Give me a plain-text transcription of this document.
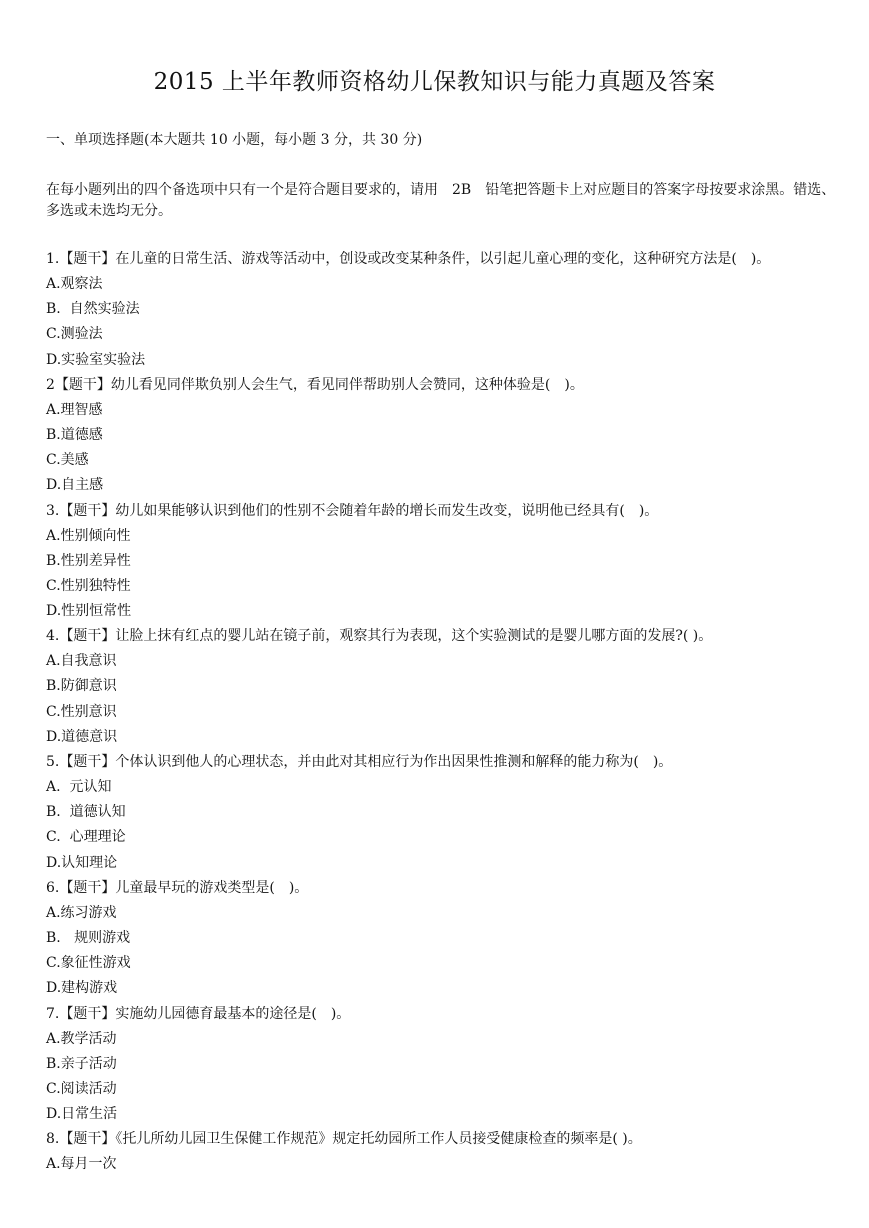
2015 上半年教师资格幼儿保教知识与能力真题及答案
一、单项选择题(本大题共 10 小题，每小题 3 分，共 30 分)
在每小题列出的四个备选项中只有一个是符合题目要求的，请用　2B　铅笔把答题卡上对应题目的答案字母按要求涂黑。错选、多选或未选均无分。
1.【题干】在儿童的日常生活、游戏等活动中，创设或改变某种条件，以引起儿童心理的变化，这种研究方法是(　)。
A.观察法
B.  自然实验法
C.测验法
D.实验室实验法
2【题干】幼儿看见同伴欺负别人会生气，看见同伴帮助别人会赞同，这种体验是(　)。
A.理智感
B.道德感
C.美感
D.自主感
3.【题干】幼儿如果能够认识到他们的性别不会随着年龄的增长而发生改变，说明他已经具有(　)。
A.性别倾向性
B.性别差异性
C.性别独特性
D.性别恒常性
4.【题干】让脸上抹有红点的婴儿站在镜子前，观察其行为表现，这个实验测试的是婴儿哪方面的发展?( )。
A.自我意识
B.防御意识
C.性别意识
D.道德意识
5.【题干】个体认识到他人的心理状态，并由此对其相应行为作出因果性推测和解释的能力称为(　)。
A.  元认知
B.  道德认知
C.  心理理论
D.认知理论
6.【题干】儿童最早玩的游戏类型是(　)。
A.练习游戏
B.   规则游戏
C.象征性游戏
D.建构游戏
7.【题干】实施幼儿园德育最基本的途径是(　)。
A.教学活动
B.亲子活动
C.阅读活动
D.日常生活
8.【题干】《托儿所幼儿园卫生保健工作规范》规定托幼园所工作人员接受健康检查的频率是( )。
A.每月一次
